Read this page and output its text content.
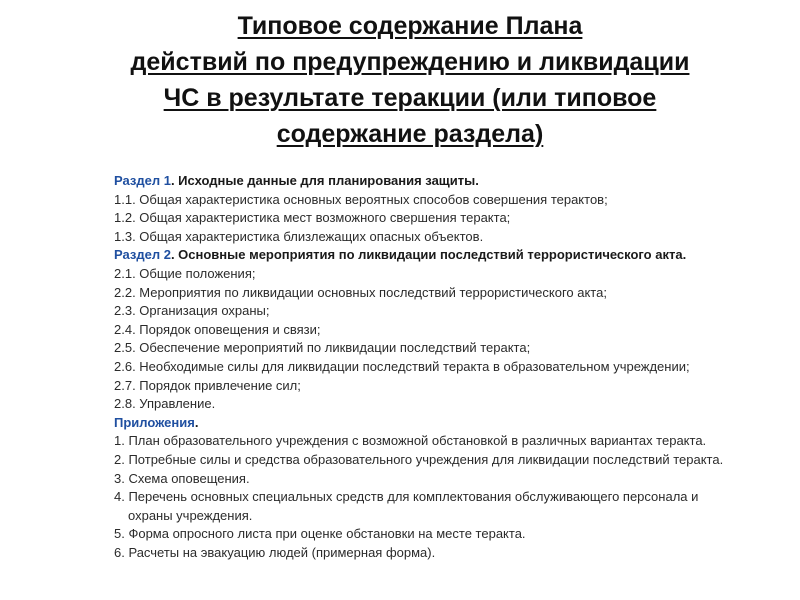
Типовое содержание Плана
действий по предупреждению и ликвидации
ЧС в результате теракции (или типовое
содержание раздела)
Раздел 1. Исходные данные для планирования защиты.
1.1. Общая характеристика основных вероятных способов совершения терактов;
1.2. Общая характеристика мест возможного свершения теракта;
1.3. Общая характеристика близлежащих опасных объектов.
Раздел 2. Основные мероприятия по ликвидации последствий террористического акта.
2.1. Общие положения;
2.2. Мероприятия по ликвидации основных последствий террористического акта;
2.3. Организация охраны;
2.4. Порядок оповещения и связи;
2.5. Обеспечение мероприятий по ликвидации последствий теракта;
2.6. Необходимые силы для ликвидации последствий теракта в образовательном учреждении;
2.7. Порядок привлечение сил;
2.8. Управление.
Приложения.
1. План образовательного учреждения с возможной обстановкой в различных вариантах теракта.
2. Потребные силы и средства образовательного учреждения для ликвидации последствий теракта.
3. Схема оповещения.
4. Перечень основных специальных средств для комплектования обслуживающего персонала и
охраны учреждения.
5. Форма опросного листа при оценке обстановки на месте теракта.
6. Расчеты на эвакуацию людей (примерная форма).
